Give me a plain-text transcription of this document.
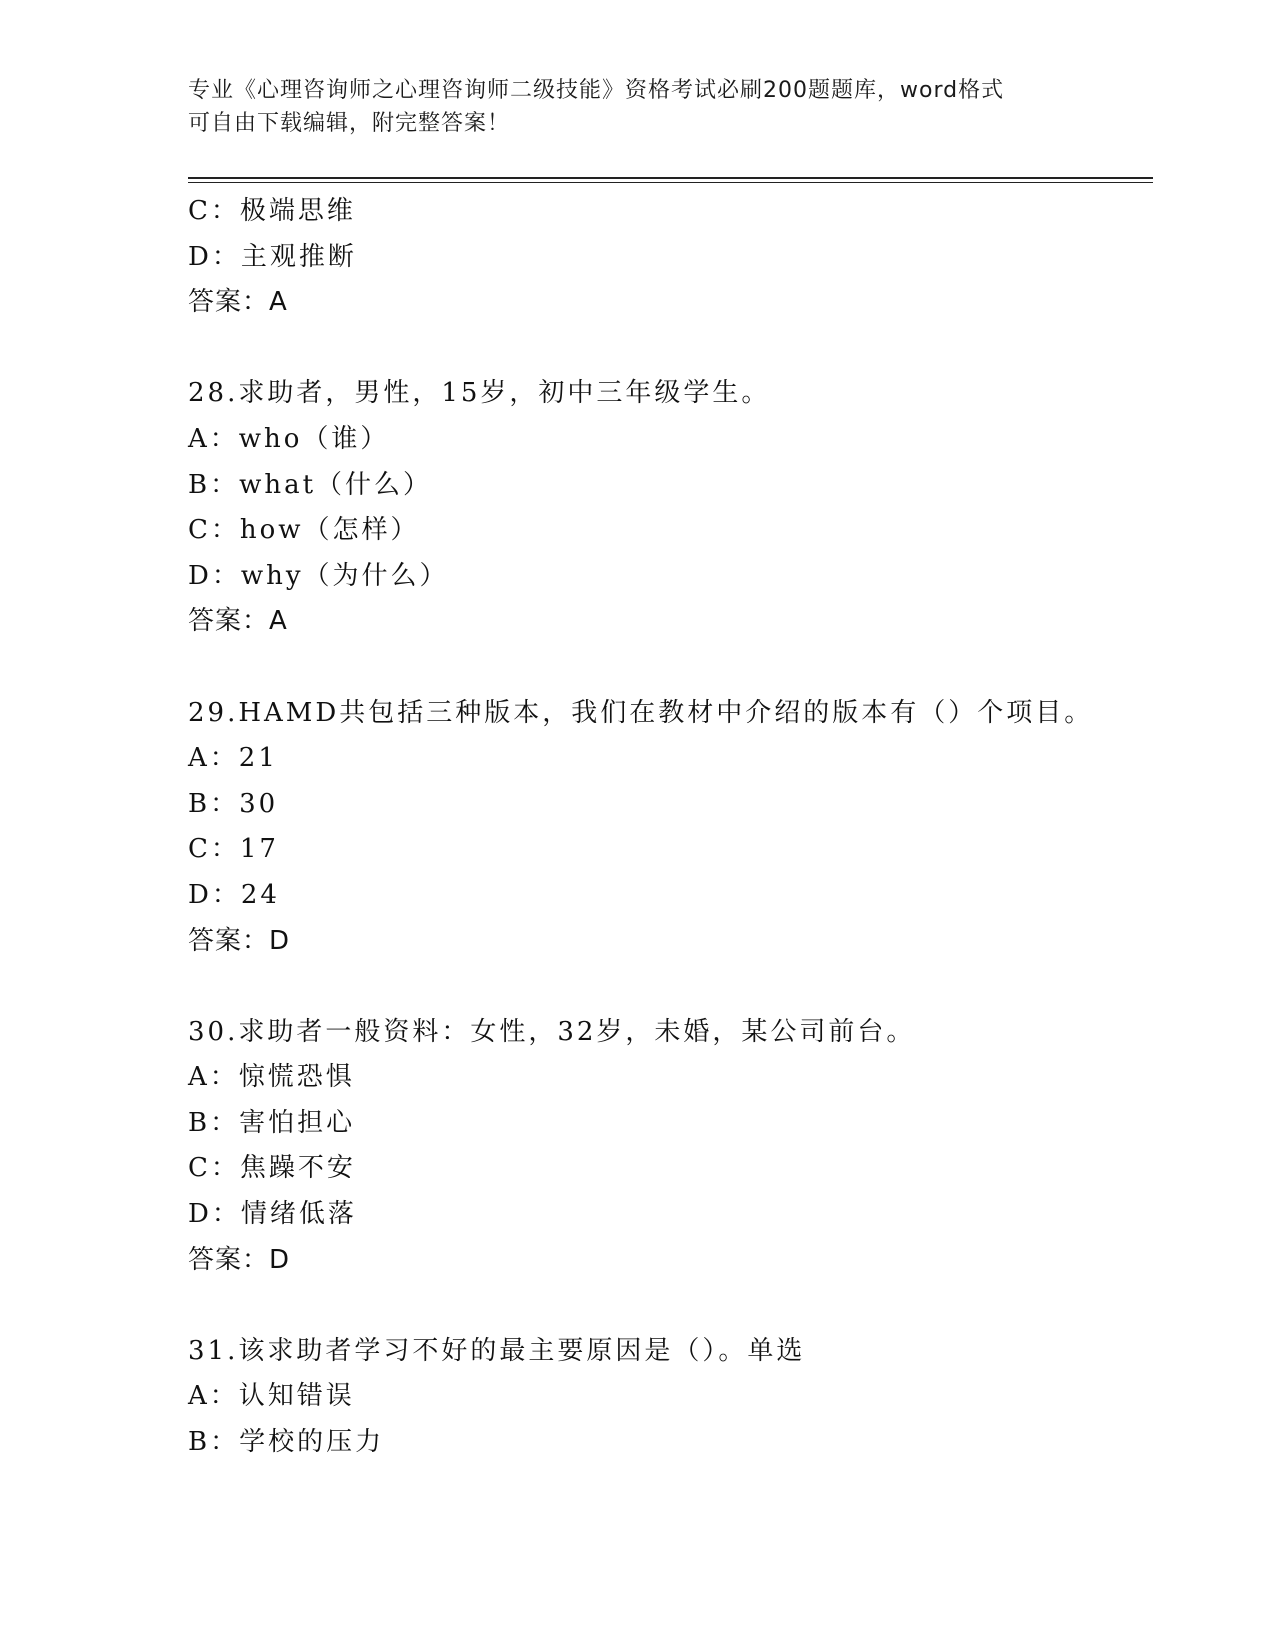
专业《心理咨询师之心理咨询师二级技能》资格考试必刷200题题库，word格式
可自由下载编辑，附完整答案！
C：极端思维
D：主观推断
答案：A
28.求助者，男性，15岁，初中三年级学生。
A：who（谁）
B：what（什么）
C：how（怎样）
D：why（为什么）
答案：A
29.HAMD共包括三种版本，我们在教材中介绍的版本有（）个项目。
A：21
B：30
C：17
D：24
答案：D
30.求助者一般资料：女性，32岁，未婚，某公司前台。
A：惊慌恐惧
B：害怕担心
C：焦躁不安
D：情绪低落
答案：D
31.该求助者学习不好的最主要原因是（）。单选
A：认知错误
B：学校的压力
